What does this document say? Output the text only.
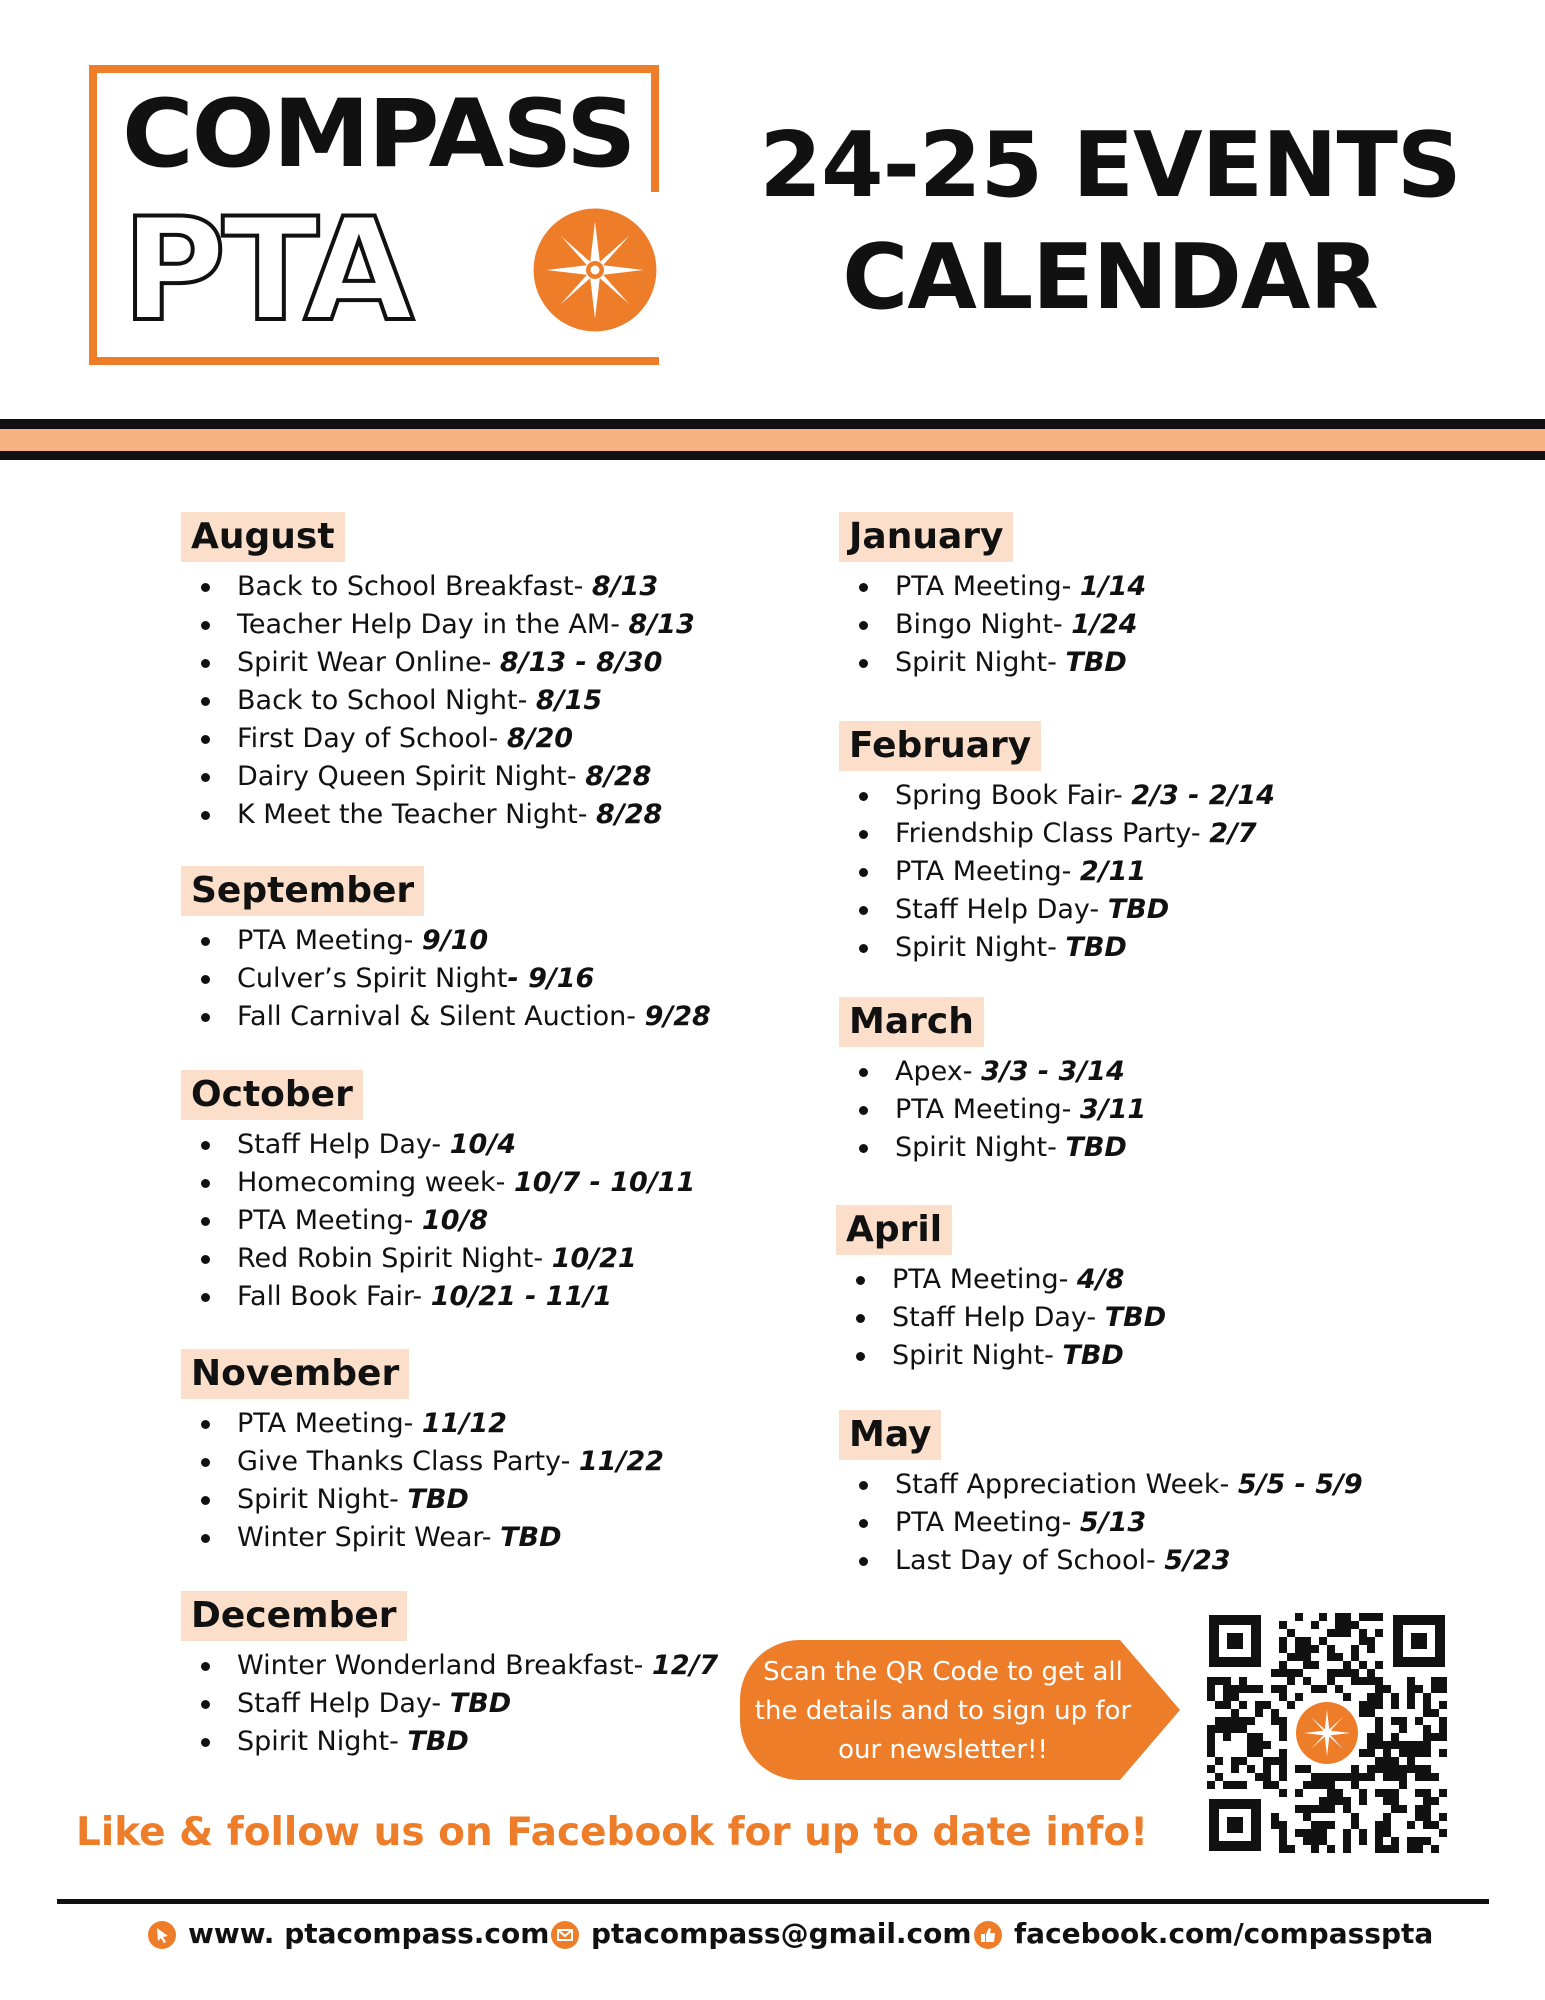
COMPASS
PTA
24-25 EVENTS
CALENDAR
August
Back to School Breakfast- 8/13
Teacher Help Day in the AM- 8/13
Spirit Wear Online- 8/13 - 8/30
Back to School Night- 8/15
First Day of School- 8/20
Dairy Queen Spirit Night- 8/28
K Meet the Teacher Night- 8/28
September
PTA Meeting- 9/10
Culver’s Spirit Night- 9/16
Fall Carnival & Silent Auction- 9/28
October
Staff Help Day- 10/4
Homecoming week- 10/7 - 10/11
PTA Meeting- 10/8
Red Robin Spirit Night- 10/21
Fall Book Fair- 10/21 - 11/1
November
PTA Meeting- 11/12
Give Thanks Class Party- 11/22
Spirit Night- TBD
Winter Spirit Wear- TBD
December
Winter Wonderland Breakfast- 12/7
Staff Help Day- TBD
Spirit Night- TBD
January
PTA Meeting- 1/14
Bingo Night- 1/24
Spirit Night- TBD
February
Spring Book Fair- 2/3 - 2/14
Friendship Class Party- 2/7
PTA Meeting- 2/11
Staff Help Day- TBD
Spirit Night- TBD
March
Apex- 3/3 - 3/14
PTA Meeting- 3/11
Spirit Night- TBD
April
PTA Meeting- 4/8
Staff Help Day- TBD
Spirit Night- TBD
May
Staff Appreciation Week- 5/5 - 5/9
PTA Meeting- 5/13
Last Day of School- 5/23
Scan the QR Code to get all the details and to sign up for our newsletter!!
Like & follow us on Facebook for up to date info!
www. ptacompass.com ptacompass@gmail.com facebook.com/compasspta
